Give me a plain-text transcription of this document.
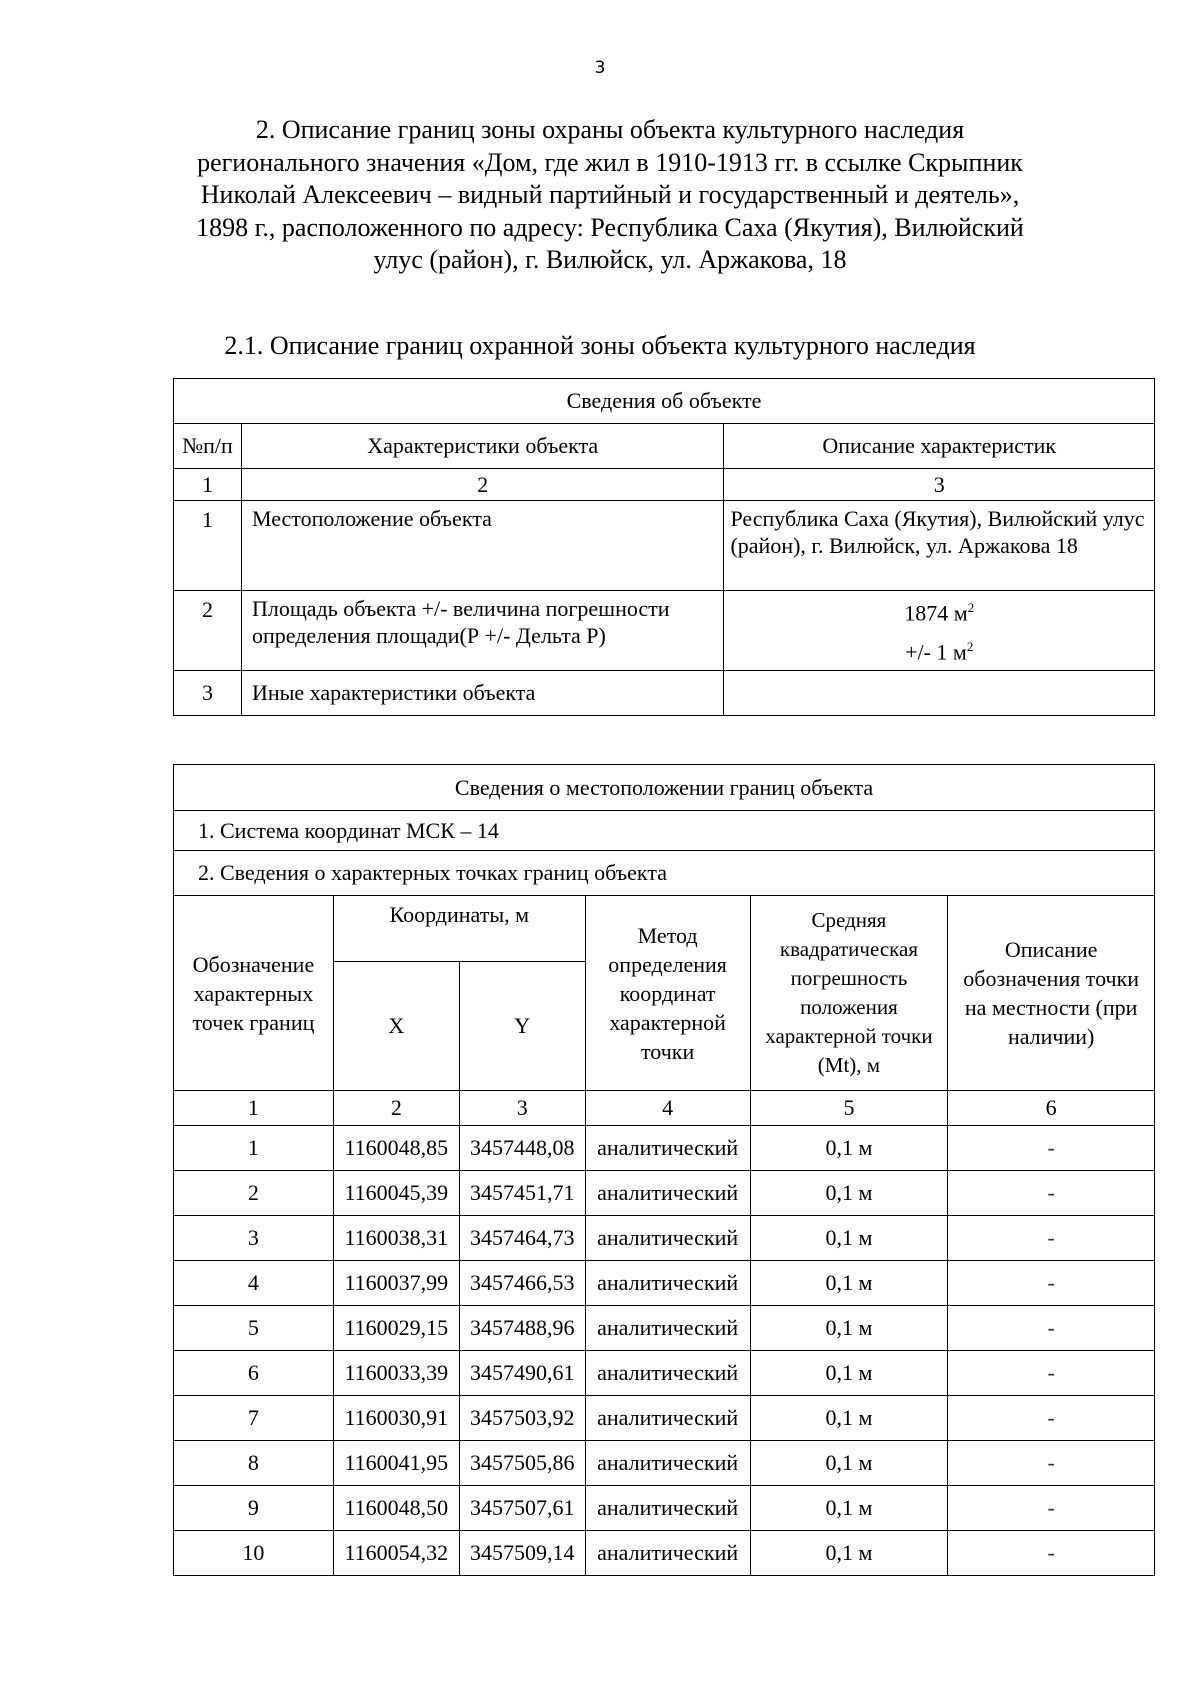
3
2. Описание границ зоны охраны объекта культурного наследия
регионального значения «Дом, где жил в 1910-1913 гг. в ссылке Скрыпник
Николай Алексеевич – видный партийный и государственный и деятель»,
1898 г., расположенного по адресу: Республика Саха (Якутия), Вилюйский
улус (район), г. Вилюйск, ул. Аржакова, 18
2.1. Описание границ охранной зоны объекта культурного наследия
Сведения об объекте		
№п/п	Характеристики объекта	Описание характеристик
1	2	3
1	Местоположение объекта	Республика Саха (Якутия), Вилюйский улус (район), г. Вилюйск, ул. Аржакова 18
2	Площадь объекта +/- величина погрешности определения площади(Р +/- Дельта Р)	1874 $м^2$
+/- 1 $м^2$
3	Иные характеристики объекта	
Сведения о местоположении границ объекта					
1. Система координат МСК – 14					
2. Сведения о характерных точках границ объекта					
Обозначение характерных точек границ	Координаты, м		Метод определения координат характерной точки	Средняя квадратическая погрешность положения характерной точки (Mt), м	Описание обозначения точки на местности (при наличии)
	X	Y			
1	2	3	4	5	6
1	1160048,85	3457448,08	аналитический	0,1 м	-
2	1160045,39	3457451,71	аналитический	0,1 м	-
3	1160038,31	3457464,73	аналитический	0,1 м	-
4	1160037,99	3457466,53	аналитический	0,1 м	-
5	1160029,15	3457488,96	аналитический	0,1 м	-
6	1160033,39	3457490,61	аналитический	0,1 м	-
7	1160030,91	3457503,92	аналитический	0,1 м	-
8	1160041,95	3457505,86	аналитический	0,1 м	-
9	1160048,50	3457507,61	аналитический	0,1 м	-
10	1160054,32	3457509,14	аналитический	0,1 м	-
